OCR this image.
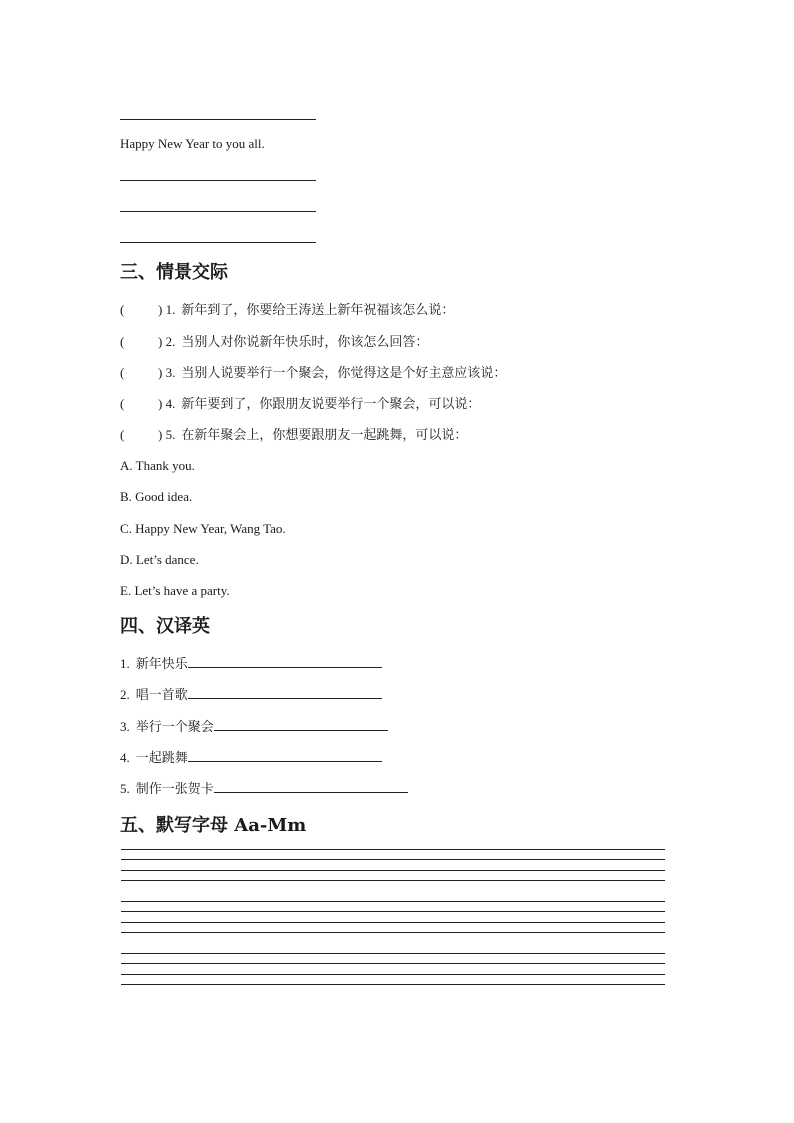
Happy New Year to you all.
三、情景交际
(	) 1. 新年到了，你要给王涛送上新年祝福该怎么说：
(	) 2. 当别人对你说新年快乐时，你该怎么回答：
(	) 3. 当别人说要举行一个聚会，你觉得这是个好主意应该说：
(	) 4. 新年要到了，你跟朋友说要举行一个聚会，可以说：
(	) 5. 在新年聚会上，你想要跟朋友一起跳舞，可以说：
A. Thank you.
B. Good idea.
C. Happy New Year, Wang Tao.
D. Let’s dance.
E. Let’s have a party.
四、汉译英
1. 新年快乐
2. 唱一首歌
3. 举行一个聚会
4. 一起跳舞
5. 制作一张贺卡
五、默写字母 Aa-Mm
